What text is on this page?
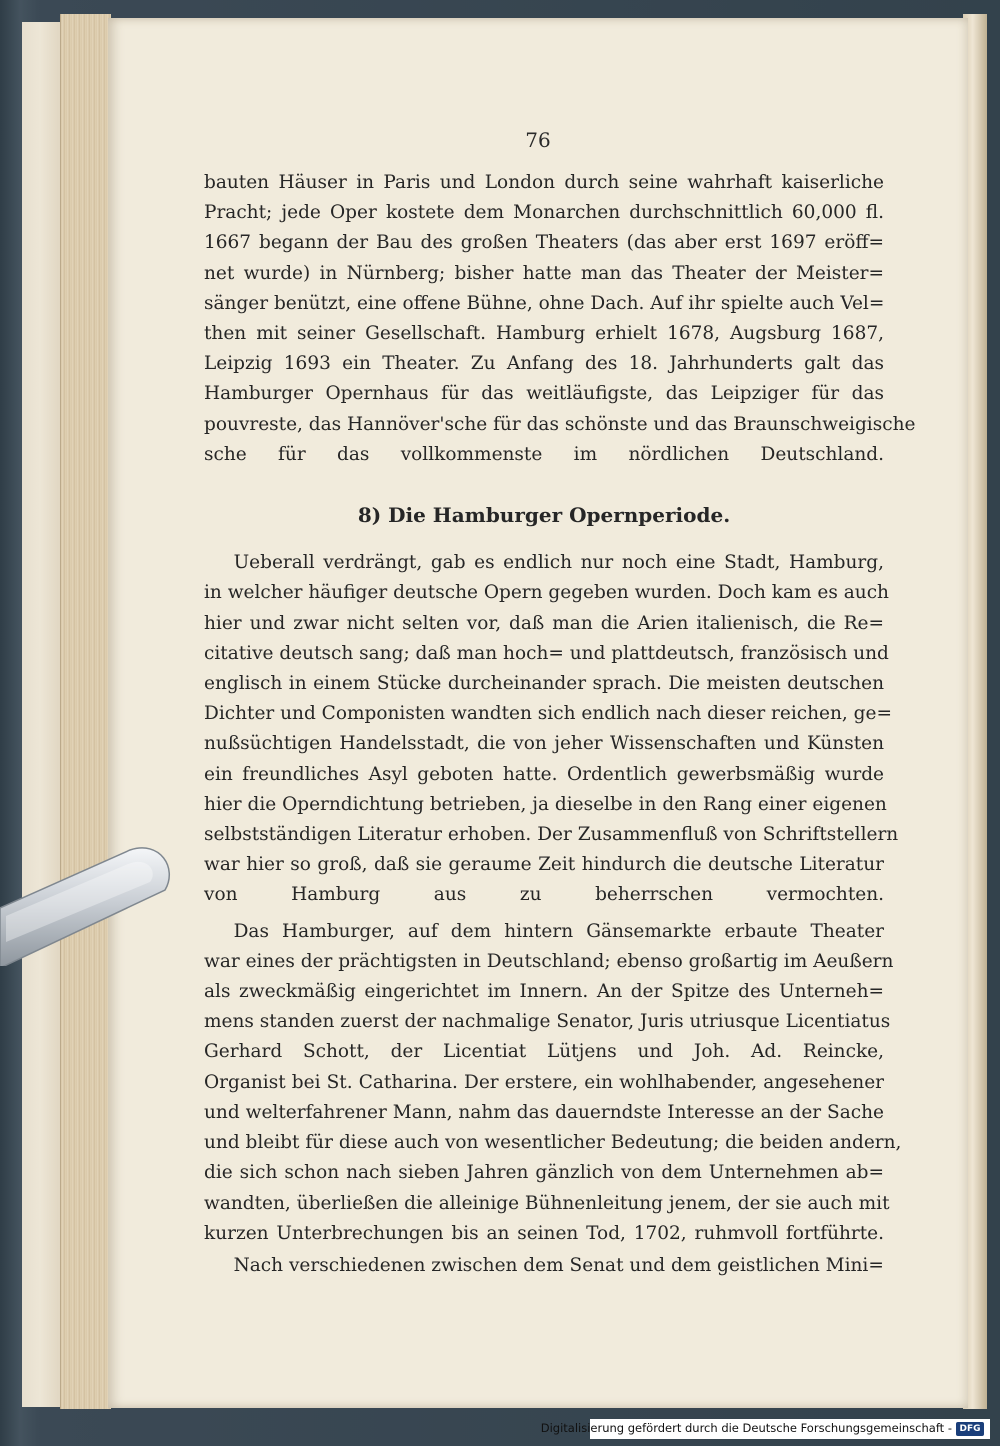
76
bauten Häuser in Paris und London durch seine wahrhaft kaiserliche
Pracht; jede Oper kostete dem Monarchen durchschnittlich 60,000 fl.
1667 begann der Bau des großen Theaters (das aber erst 1697 eröff=
net wurde) in Nürnberg; bisher hatte man das Theater der Meister=
sänger benützt, eine offene Bühne, ohne Dach. Auf ihr spielte auch Vel=
then mit seiner Gesellschaft. Hamburg erhielt 1678, Augsburg 1687,
Leipzig 1693 ein Theater. Zu Anfang des 18. Jahrhunderts galt das
Hamburger Opernhaus für das weitläufigste, das Leipziger für das
pouvreste, das Hannöver'sche für das schönste und das Braunschweigische
sche für das vollkommenste im nördlichen Deutschland.
8) Die Hamburger Opernperiode.
Ueberall verdrängt, gab es endlich nur noch eine Stadt, Hamburg,
in welcher häufiger deutsche Opern gegeben wurden. Doch kam es auch
hier und zwar nicht selten vor, daß man die Arien italienisch, die Re=
citative deutsch sang; daß man hoch= und plattdeutsch, französisch und
englisch in einem Stücke durcheinander sprach. Die meisten deutschen
Dichter und Componisten wandten sich endlich nach dieser reichen, ge=
nußsüchtigen Handelsstadt, die von jeher Wissenschaften und Künsten
ein freundliches Asyl geboten hatte. Ordentlich gewerbsmäßig wurde
hier die Operndichtung betrieben, ja dieselbe in den Rang einer eigenen
selbstständigen Literatur erhoben. Der Zusammenfluß von Schriftstellern
war hier so groß, daß sie geraume Zeit hindurch die deutsche Literatur
von Hamburg aus zu beherrschen vermochten.
Das Hamburger, auf dem hintern Gänsemarkte erbaute Theater
war eines der prächtigsten in Deutschland; ebenso großartig im Aeußern
als zweckmäßig eingerichtet im Innern. An der Spitze des Unterneh=
mens standen zuerst der nachmalige Senator, Juris utriusque Licentiatus
Gerhard Schott, der Licentiat Lütjens und Joh. Ad. Reincke,
Organist bei St. Catharina. Der erstere, ein wohlhabender, angesehener
und welterfahrener Mann, nahm das dauerndste Interesse an der Sache
und bleibt für diese auch von wesentlicher Bedeutung; die beiden andern,
die sich schon nach sieben Jahren gänzlich von dem Unternehmen ab=
wandten, überließen die alleinige Bühnenleitung jenem, der sie auch mit
kurzen Unterbrechungen bis an seinen Tod, 1702, ruhmvoll fortführte.
Nach verschiedenen zwischen dem Senat und dem geistlichen Mini=
Digitalisierung gefördert durch die Deutsche Forschungsgemeinschaft - DFG
